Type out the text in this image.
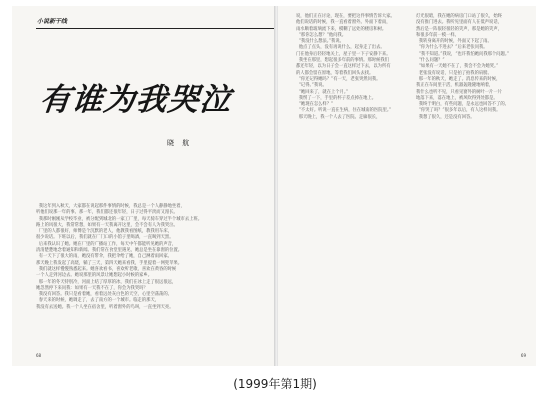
小说新干线
有谁为我哭泣
晓 航
我这年到入秋天，大家都在说起那件事情的时候，我总是一个人静静地坐着，
听他们说那一年的事。那一年，我们都还很年轻，日子过得平淡而又漫长。
我那时刚刚从学校毕业，被分配到城北的一家工厂里，每天骑车穿过半个城市去上班。
路上的风很大，我常常想，如果有一天我离开这里，会不会有人为我哭泣。
厂里的人都很好，师傅是个沉默的老人，他教我看图纸，教我用车床，
很少说话。下班以后，我们就在厂门口的小馆子里喝酒，一直喝到天黑。
后来我认识了她。她在厂里的广播站工作，每天中午都能听见她的声音，
清清楚楚地念着通知和新闻。我们常在食堂里遇见，她总是坐在靠窗的位置。
有一天下了很大的雨，她没有带伞，我把伞给了她，自己淋着雨回家。
那天晚上我发起了高烧，躺了三天，第四天她来看我，手里提着一网兜苹果。
我们就这样慢慢熟悉起来。她喜欢看书，喜欢听老歌，喜欢在黄昏的时候
一个人走到河边去。她说那里的风景让她想起小时候的家乡。
那一年的冬天特别冷，河面上结了厚厚的冰，我们在冰上走了很远很远，
她忽然停下来问我：如果有一天我不在了，你会为我哭吗？
我没有回答。我只是看着她，看着远处灰白色的天空，心里空荡荡的。
春天来的时候，她调走了，去了南方的一个城市。临走的那天，
我没有去送她。我一个人坐在宿舍里，听着窗外的鸟叫，一直坐到天亮。
68
说，他们正在讨论，现在，要把这件事情告诉大家。
他们说话的时候，我一直看着窗外。外面下着雨，
雨水顺着玻璃流下来，模糊了远处的楼房和树。
“那你怎么想？”他问我。
“我没什么想法。”我说。
他点了点头，没有再说什么，起身走了出去。
门在他身后轻轻地关上，屋子里一下子安静下来。
我坐在那里，想起很多年前的事情。那时候我们
都还年轻，以为日子会一直这样过下去，以为所有
的人都会留在原地，等着我们回头去找。
“你还记得她吗？”有一天，老张突然问我。
“记得。”我说。
“她回来了，就在上个月。”
我愣了一下，手里的杯子差点掉在地上。
“她现在怎么样？”
“不太好。听说一直在生病，住在城南的医院里。”
那天晚上，我一个人去了医院。走廊很长，
灯光很暗，我在她的病房门口站了很久，始终
没有推门进去。我听见里面有人在低声说话，
然后是一阵很轻很轻的笑声，那是她的笑声，
和很多年前一模一样。
我转身离开的时候，外面又下起了雨。
“你为什么不进去？”后来老张问我。
“我不知道。”我说，“也许我怕她问我那个问题。”
“什么问题？”
“如果有一天她不在了，我会不会为她哭。”
老张没有说话，只是拍了拍我的肩膀。
那一年的秋天，她走了。消息传来的时候，
我正在车间里干活，机器轰隆隆地响着，
我什么也听不见，只看见窗外的树叶一片一片
地落下来，落在地上，被风吹得到处都是。
我终于明白，有些问题，是永远也回答不了的。
“你哭了吗？”很多年以后，有人这样问我。
我想了很久，还是没有回答。
69
(1999年第1期)
